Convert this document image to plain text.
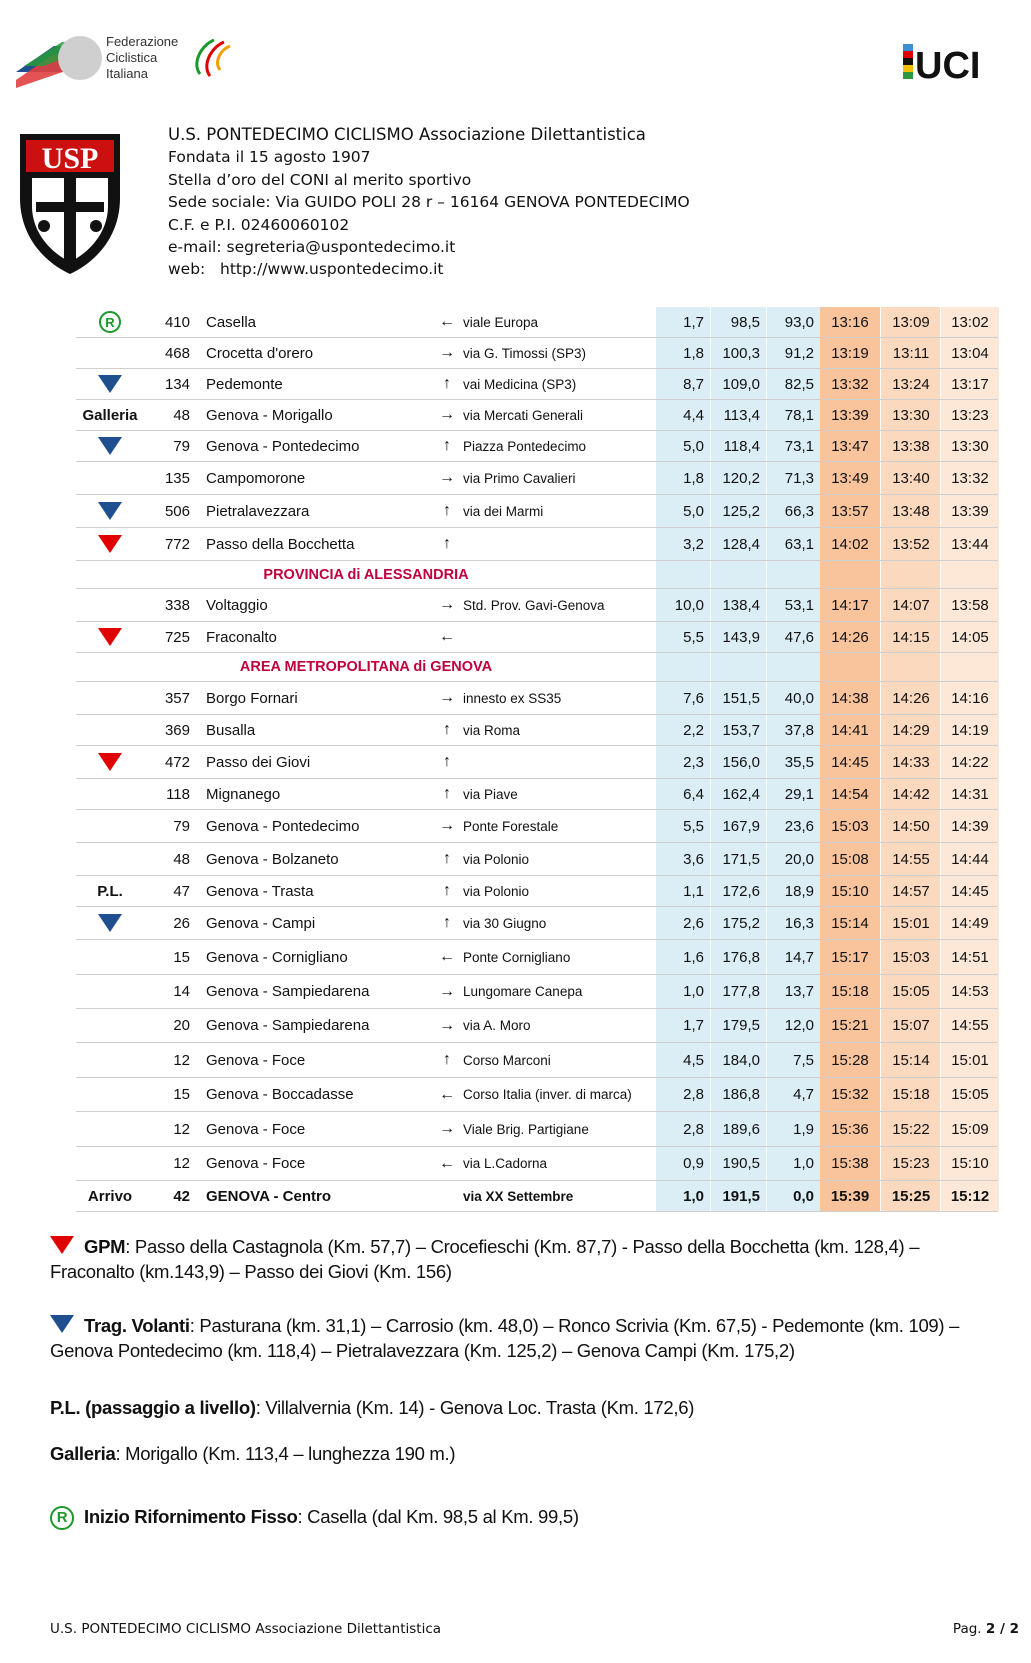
Federazione
Ciclistica
Italiana	UCI
USP
U.S. PONTEDECIMO CICLISMO Associazione Dilettantistica
Fondata il 15 agosto 1907
Stella d’oro del CONI al merito sportivo
Sede sociale: Via GUIDO POLI 28 r – 16164 GENOVA PONTEDECIMO
C.F. e P.I. 02460060102
e-mail: segreteria@uspontedecimo.it
web: http://www.uspontedecimo.it
R	410 Casella	← viale Europa	1,7	98,5	93,0	13:16	13:09	13:02
468 Crocetta d'orero	→ via G. Timossi (SP3)	1,8	100,3	91,2	13:19	13:11	13:04
134 Pedemonte	↑ vai Medicina (SP3)	8,7	109,0	82,5	13:32	13:24	13:17
Galleria	48 Genova - Morigallo	→ via Mercati Generali	4,4	113,4	78,1	13:39	13:30	13:23
79 Genova - Pontedecimo	↑ Piazza Pontedecimo	5,0	118,4	73,1	13:47	13:38	13:30
135 Campomorone	→ via Primo Cavalieri	1,8	120,2	71,3	13:49	13:40	13:32
506 Pietralavezzara	↑ via dei Marmi	5,0	125,2	66,3	13:57	13:48	13:39
772 Passo della Bocchetta	↑	3,2	128,4	63,1	14:02	13:52	13:44
PROVINCIA di ALESSANDRIA
338 Voltaggio	→ Std. Prov. Gavi-Genova	10,0	138,4	53,1	14:17	14:07	13:58
725 Fraconalto	←	5,5	143,9	47,6	14:26	14:15	14:05
AREA METROPOLITANA di GENOVA
357 Borgo Fornari	→ innesto ex SS35	7,6	151,5	40,0	14:38	14:26	14:16
369 Busalla	↑ via Roma	2,2	153,7	37,8	14:41	14:29	14:19
472 Passo dei Giovi	↑	2,3	156,0	35,5	14:45	14:33	14:22
118 Mignanego	↑ via Piave	6,4	162,4	29,1	14:54	14:42	14:31
79 Genova - Pontedecimo	→ Ponte Forestale	5,5	167,9	23,6	15:03	14:50	14:39
48 Genova - Bolzaneto	↑ via Polonio	3,6	171,5	20,0	15:08	14:55	14:44
P.L.	47 Genova - Trasta	↑ via Polonio	1,1	172,6	18,9	15:10	14:57	14:45
26 Genova - Campi	↑ via 30 Giugno	2,6	175,2	16,3	15:14	15:01	14:49
15 Genova - Cornigliano	← Ponte Cornigliano	1,6	176,8	14,7	15:17	15:03	14:51
14 Genova - Sampiedarena	→ Lungomare Canepa	1,0	177,8	13,7	15:18	15:05	14:53
20 Genova - Sampiedarena	→ via A. Moro	1,7	179,5	12,0	15:21	15:07	14:55
12 Genova - Foce	↑ Corso Marconi	4,5	184,0	7,5	15:28	15:14	15:01
15 Genova - Boccadasse	← Corso Italia (inver. di marca)	2,8	186,8	4,7	15:32	15:18	15:05
12 Genova - Foce	→ Viale Brig. Partigiane	2,8	189,6	1,9	15:36	15:22	15:09
12 Genova - Foce	← via L.Cadorna	0,9	190,5	1,0	15:38	15:23	15:10
Arrivo	42 GENOVA - Centro	via XX Settembre	1,0	191,5	0,0	15:39	15:25	15:12
GPM: Passo della Castagnola (Km. 57,7) – Crocefieschi (Km. 87,7) - Passo della Bocchetta (km. 128,4) – Fraconalto (km.143,9) – Passo dei Giovi (Km. 156)
Trag. Volanti: Pasturana (km. 31,1) – Carrosio (km. 48,0) – Ronco Scrivia (Km. 67,5) - Pedemonte (km. 109) – Genova Pontedecimo (km. 118,4) – Pietralavezzara (Km. 125,2) – Genova Campi (Km. 175,2)
P.L. (passaggio a livello): Villalvernia (Km. 14) - Genova Loc. Trasta (Km. 172,6)
Galleria: Morigallo (Km. 113,4 – lunghezza 190 m.)
R Inizio Rifornimento Fisso: Casella (dal Km. 98,5 al Km. 99,5)
U.S. PONTEDECIMO CICLISMO Associazione Dilettantistica	Pag. 2 / 2
